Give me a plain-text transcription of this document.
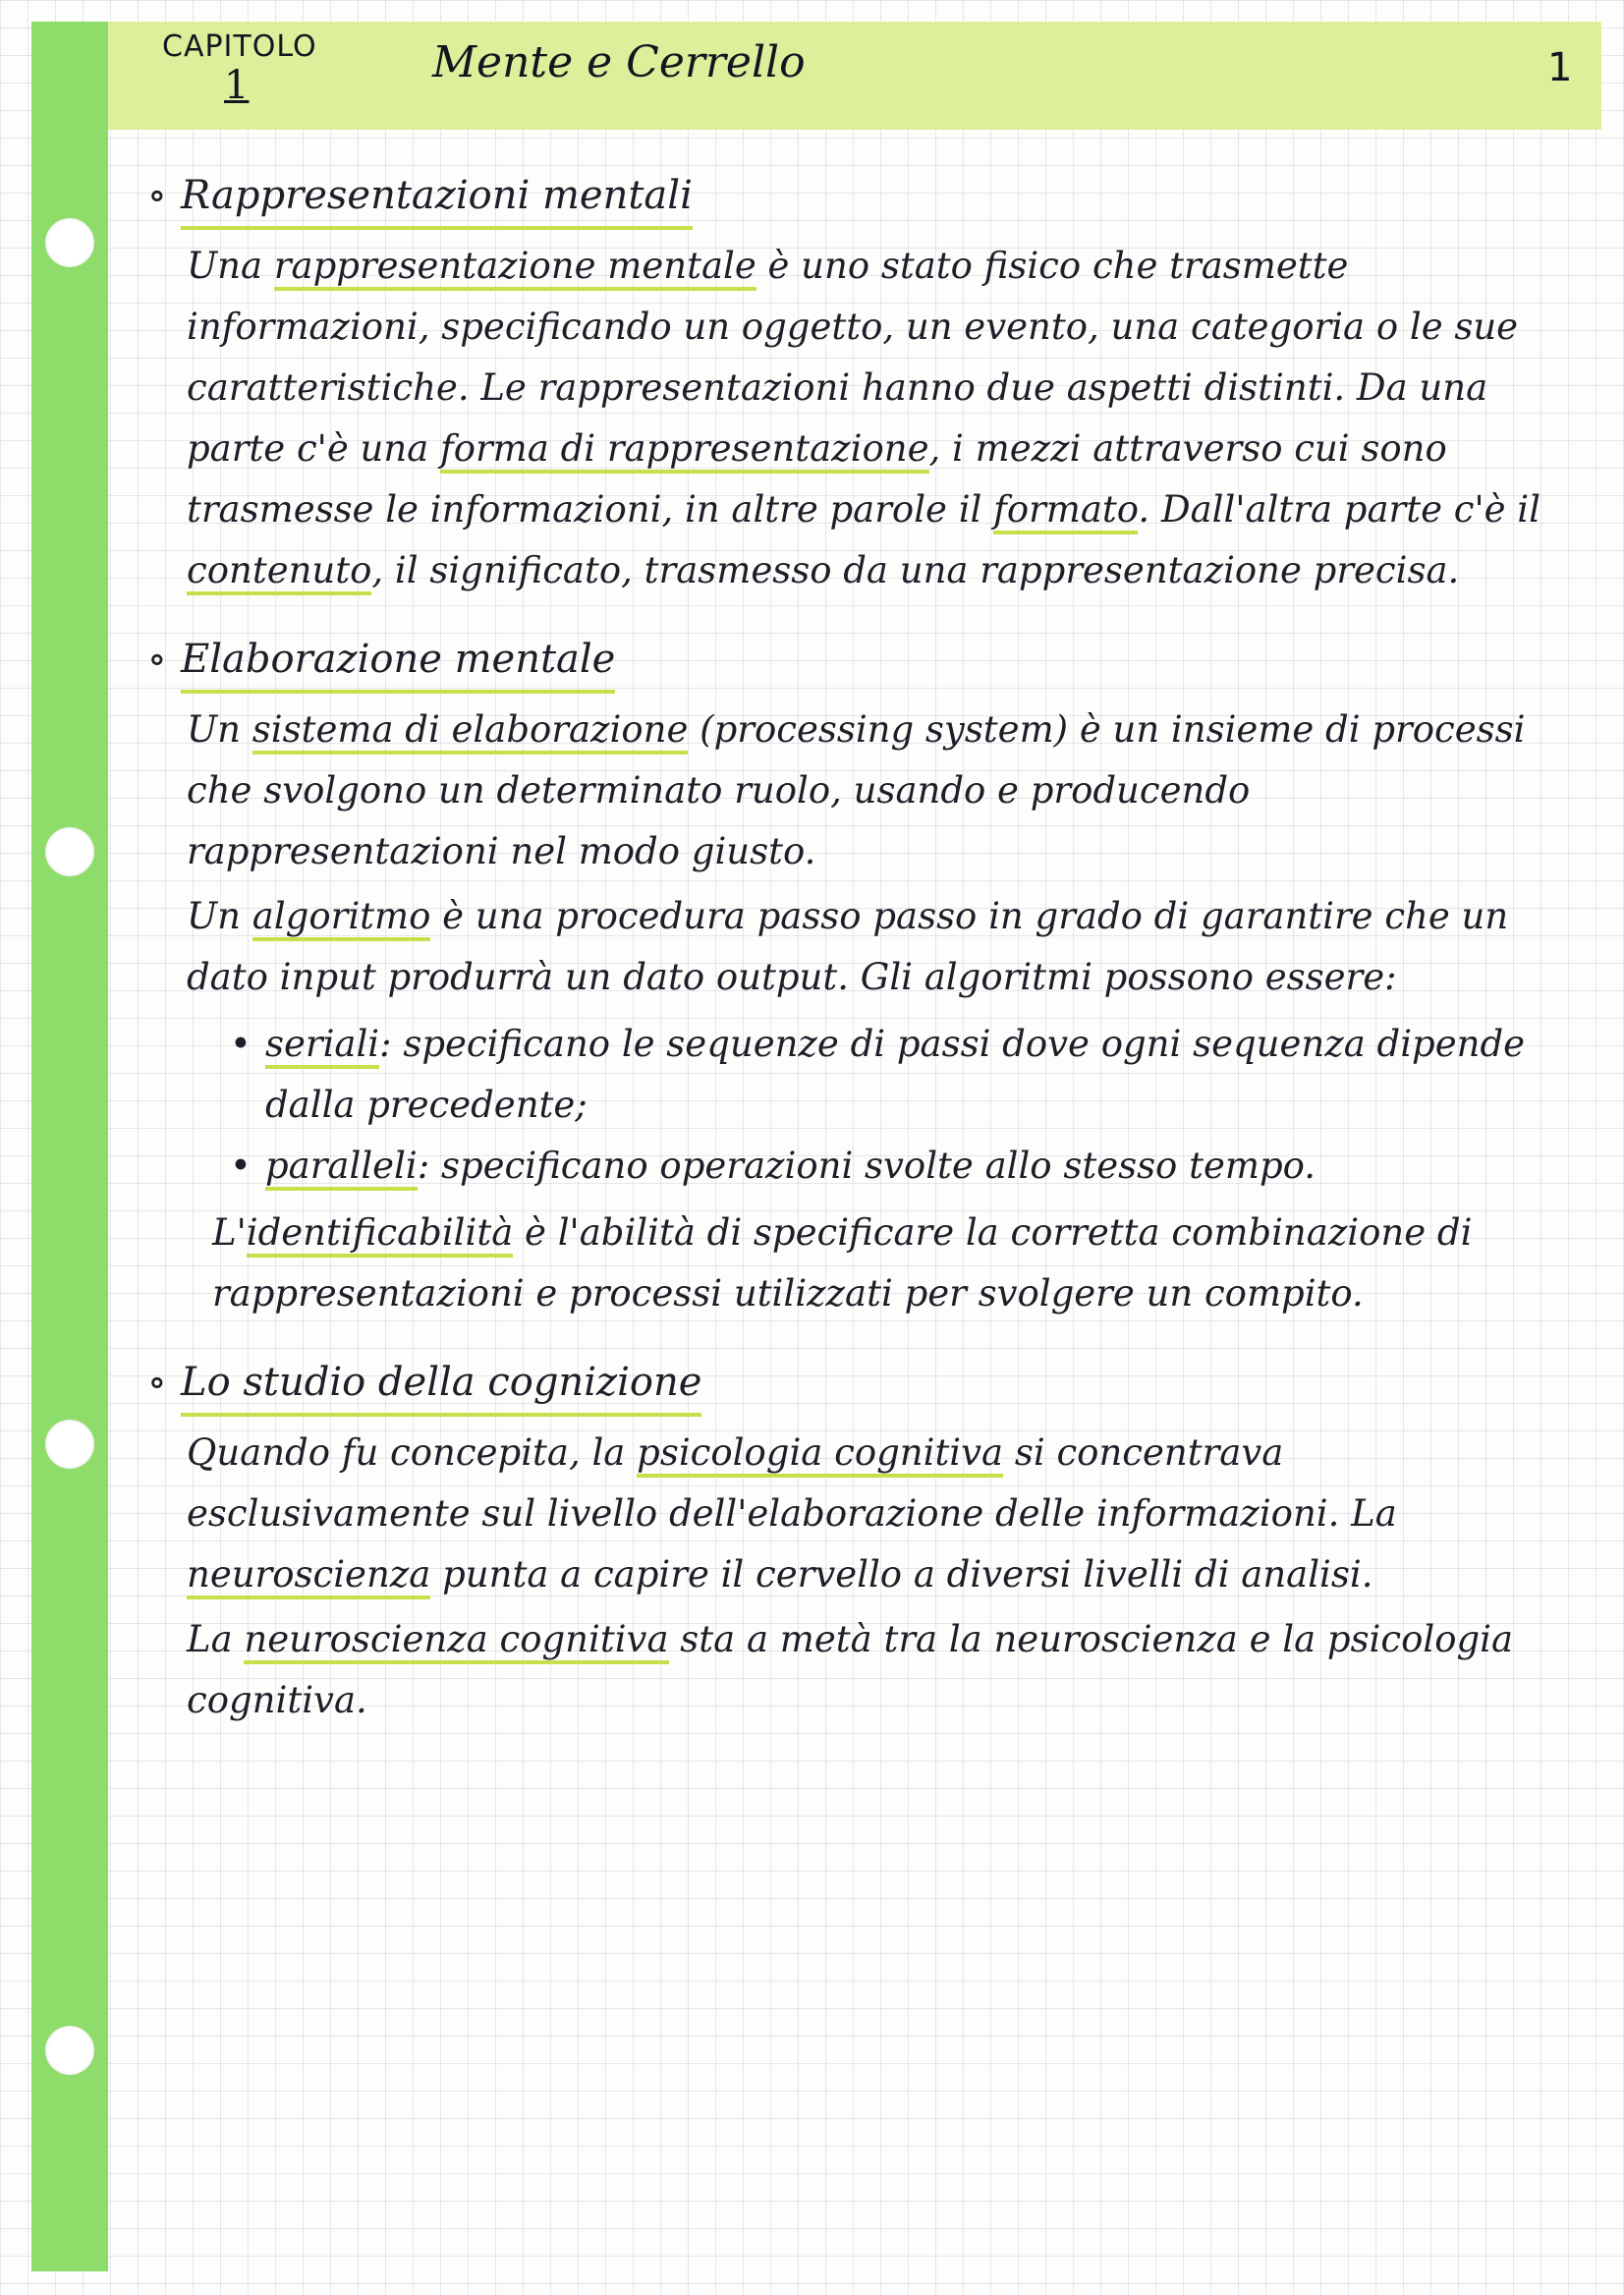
CAPITOLO
1	Mente e Cerrello	1
∘ Rappresentazioni mentali

Una rappresentazione mentale è uno stato fisico che trasmette informazioni, specificando un oggetto, un evento, una categoria o le sue caratteristiche. Le rappresentazioni hanno due aspetti distinti. Da una parte c'è una forma di rappresentazione, i mezzi attraverso cui sono trasmesse le informazioni, in altre parole il formato. Dall'altra parte c'è il contenuto, il significato, trasmesso da una rappresentazione precisa.

∘ Elaborazione mentale

Un sistema di elaborazione (processing system) è un insieme di processi che svolgono un determinato ruolo, usando e producendo rappresentazioni nel modo giusto.

Un algoritmo è una procedura passo passo in grado di garantire che un dato input produrrà un dato output. Gli algoritmi possono essere:

• seriali: specificano le sequenze di passi dove ogni sequenza dipende dalla precedente;
• paralleli: specificano operazioni svolte allo stesso tempo.

L'identificabilità è l'abilità di specificare la corretta combinazione di rappresentazioni e processi utilizzati per svolgere un compito.

∘ Lo studio della cognizione

Quando fu concepita, la psicologia cognitiva si concentrava esclusivamente sul livello dell'elaborazione delle informazioni. La neuroscienza punta a capire il cervello a diversi livelli di analisi.

La neuroscienza cognitiva sta a metà tra la neuroscienza e la psicologia cognitiva.
